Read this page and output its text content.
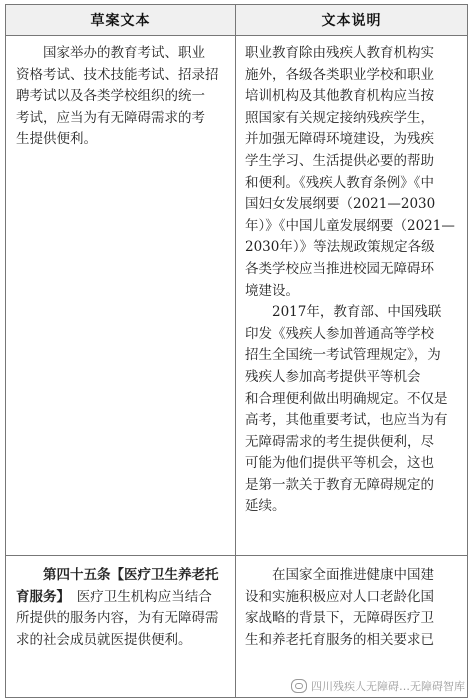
草案文本	文本说明

　　国家举办的教育考试、职业

资格考试、技术技能考试、招录招

聘考试以及各类学校组织的统一

考试，应当为有无障碍需求的考

生提供便利。

职业教育除由残疾人教育机构实

施外，各级各类职业学校和职业

培训机构及其他教育机构应当按

照国家有关规定接纳残疾学生，

并加强无障碍环境建设，为残疾

学生学习、生活提供必要的帮助

和便利。《残疾人教育条例》《中

国妇女发展纲要（2021—2030

年）》《中国儿童发展纲要（2021—

2030年）》等法规政策规定各级

各类学校应当推进校园无障碍环

境建设。

　　2017年，教育部、中国残联

印发《残疾人参加普通高等学校

招生全国统一考试管理规定》，为

残疾人参加高考提供平等机会

和合理便利做出明确规定。不仅是

高考，其他重要考试，也应当为有

无障碍需求的考生提供便利，尽

可能为他们提供平等机会，这也

是第一款关于教育无障碍规定的

延续。

　　第四十五条【医疗卫生养老托

育服务】　医疗卫生机构应当结合

所提供的服务内容，为有无障碍需

求的社会成员就医提供便利。

　　在国家全面推进健康中国建

设和实施积极应对人口老龄化国

家战略的背景下，无障碍医疗卫

生和养老托育服务的相关要求已

四川残疾人无障碍…无障碍智库
